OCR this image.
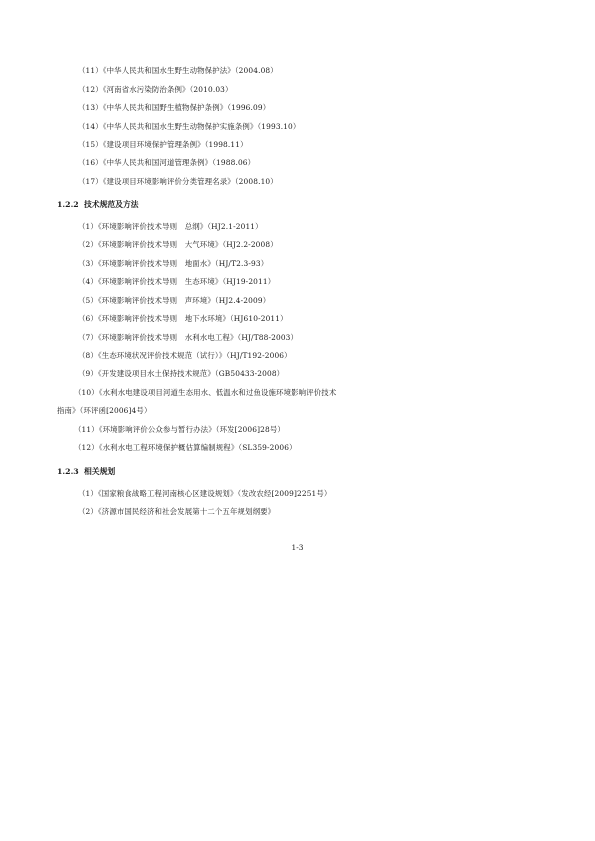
（11）《中华人民共和国水生野生动物保护法》（2004.08）
（12）《河南省水污染防治条例》（2010.03）
（13）《中华人民共和国野生植物保护条例》（1996.09）
（14）《中华人民共和国水生野生动物保护实施条例》（1993.10）
（15）《建设项目环境保护管理条例》（1998.11）
（16）《中华人民共和国河道管理条例》（1988.06）
（17）《建设项目环境影响评价分类管理名录》（2008.10）
1.2.2 技术规范及方法
（1）《环境影响评价技术导则　总纲》（HJ2.1-2011）
（2）《环境影响评价技术导则　大气环境》（HJ2.2-2008）
（3）《环境影响评价技术导则　地面水》（HJ/T2.3-93）
（4）《环境影响评价技术导则　生态环境》（HJ19-2011）
（5）《环境影响评价技术导则　声环境》（HJ2.4-2009）
（6）《环境影响评价技术导则　地下水环境》（HJ610-2011）
（7）《环境影响评价技术导则　水利水电工程》（HJ/T88-2003）
（8）《生态环境状况评价技术规范（试行）》（HJ/T192-2006）
（9）《开发建设项目水土保持技术规范》（GB50433-2008）
（10）《水利水电建设项目河道生态用水、低温水和过鱼设施环境影响评价技术
指南》（环评函[2006]4号）
（11）《环境影响评价公众参与暂行办法》（环发[2006]28号）
（12）《水利水电工程环境保护概估算编制规程》（SL359-2006）
1.2.3 相关规划
（1）《国家粮食战略工程河南核心区建设规划》（发改农经[2009]2251号）
（2）《济源市国民经济和社会发展第十二个五年规划纲要》
1-3
